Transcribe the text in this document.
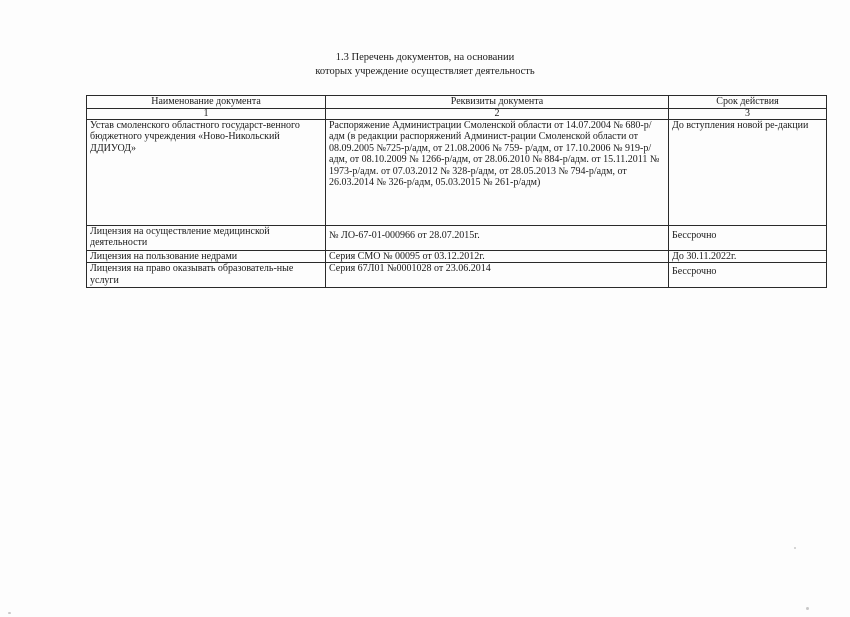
1.3 Перечень документов, на основании
которых учреждение осуществляет деятельность
Наименование документа	Реквизиты документа	Срок действия
1	2	3
Устав смоленского областного государст-венного бюджетного учреждения «Ново-Никольский ДДИУОД»	Распоряжение Администрации Смоленской области от 14.07.2004 № 680-р/адм (в редакции распоряжений Админист-рации Смоленской области от 08.09.2005 №725-р/адм, от 21.08.2006 № 759- р/адм, от 17.10.2006 № 919-р/адм, от 08.10.2009 № 1266-р/адм, от 28.06.2010 № 884-р/адм. от 15.11.2011 № 1973-р/адм. от 07.03.2012 № 328-р/адм, от 28.05.2013 № 794-р/адм, от 26.03.2014 № 326-р/адм, 05.03.2015 № 261-р/адм)	До вступления новой ре-дакции
Лицензия на осуществление медицинской деятельности	№ ЛО-67-01-000966 от 28.07.2015г.	Бессрочно
Лицензия на пользование недрами	Серия СМО № 00095 от 03.12.2012г.	До 30.11.2022г.
Лицензия на право оказывать образователь-ные услуги	Серия 67Л01 №0001028 от 23.06.2014	Бессрочно
